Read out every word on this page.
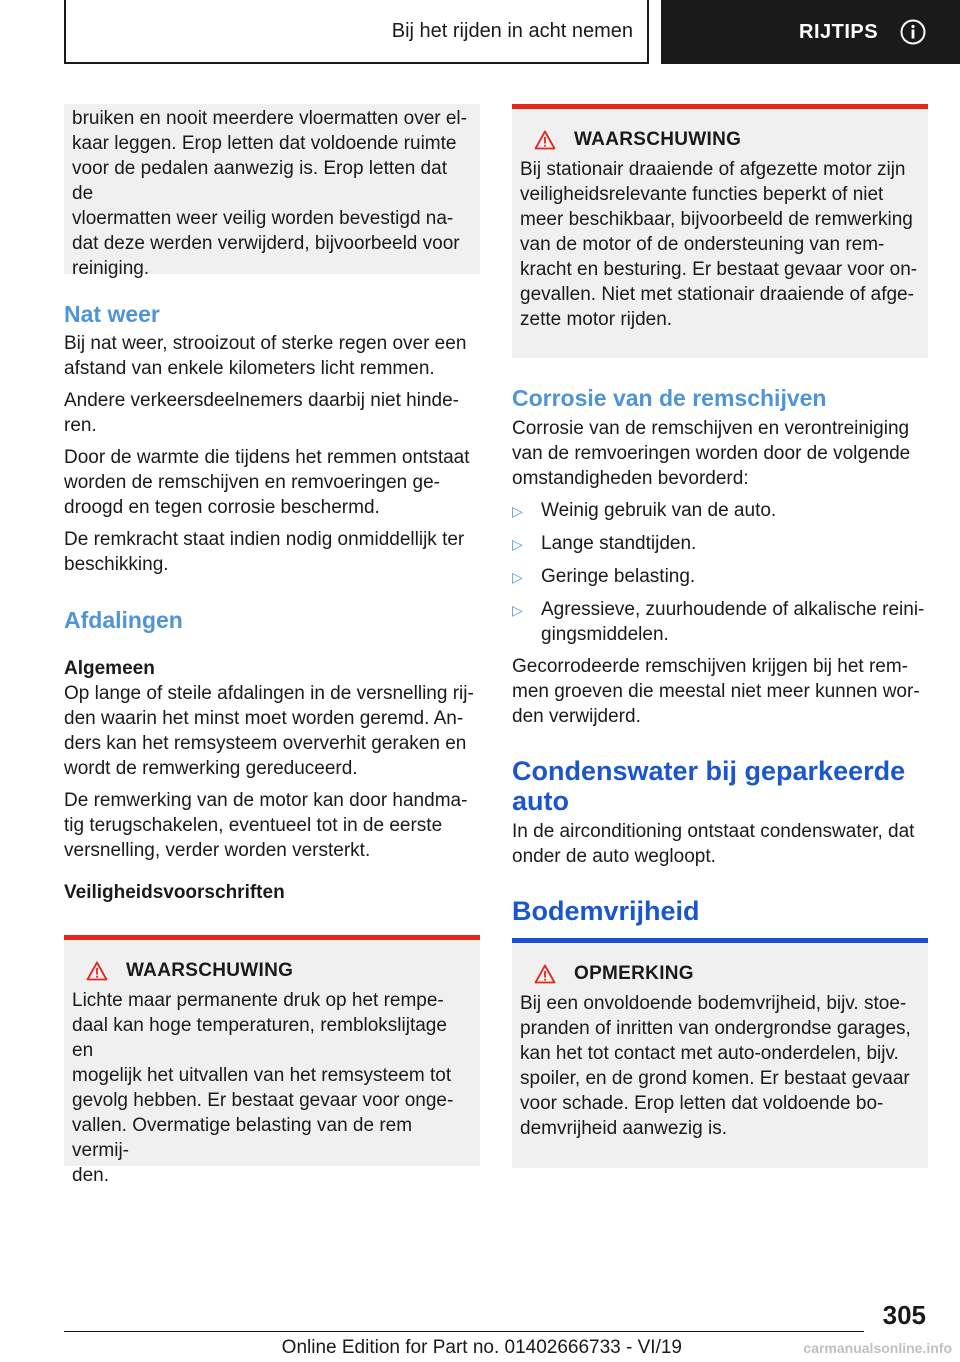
Bij het rijden in acht nemen	RIJTIPS

bruiken en nooit meerdere vloermatten over el-

kaar leggen. Erop letten dat voldoende ruimte

voor de pedalen aanwezig is. Erop letten dat de

vloermatten weer veilig worden bevestigd na-

dat deze werden verwijderd, bijvoorbeeld voor

reiniging.

Nat weer

Bij nat weer, strooizout of sterke regen over een

afstand van enkele kilometers licht remmen.

Andere verkeersdeelnemers daarbij niet hinde-

ren.

Door de warmte die tijdens het remmen ontstaat

worden de remschijven en remvoeringen ge-

droogd en tegen corrosie beschermd.

De remkracht staat indien nodig onmiddellijk ter

beschikking.

Afdalingen
Algemeen

Op lange of steile afdalingen in de versnelling rij-

den waarin het minst moet worden geremd. An-

ders kan het remsysteem oververhit geraken en

wordt de remwerking gereduceerd.

De remwerking van de motor kan door handma-

tig terugschakelen, eventueel tot in de eerste

versnelling, verder worden versterkt.

Veiligheidsvoorschriften
WAARSCHUWING

Lichte maar permanente druk op het rempe-

daal kan hoge temperaturen, remblokslijtage en

mogelijk het uitvallen van het remsysteem tot

gevolg hebben. Er bestaat gevaar voor onge-

vallen. Overmatige belasting van de rem vermij-

den.

WAARSCHUWING

Bij stationair draaiende of afgezette motor zijn

veiligheidsrelevante functies beperkt of niet

meer beschikbaar, bijvoorbeeld de remwerking

van de motor of de ondersteuning van rem-

kracht en besturing. Er bestaat gevaar voor on-

gevallen. Niet met stationair draaiende of afge-

zette motor rijden.

Corrosie van de remschijven

Corrosie van de remschijven en verontreiniging

van de remvoeringen worden door de volgende

omstandigheden bevorderd:

▷ Weinig gebruik van de auto.

▷ Lange standtijden.

▷ Geringe belasting.

▷ Agressieve, zuurhoudende of alkalische reini-

gingsmiddelen.

Gecorrodeerde remschijven krijgen bij het rem-

men groeven die meestal niet meer kunnen wor-

den verwijderd.

Condenswater bij geparkeerde
auto

In de airconditioning ontstaat condenswater, dat

onder de auto wegloopt.

Bodemvrijheid
OPMERKING

Bij een onvoldoende bodemvrijheid, bijv. stoe-

pranden of inritten van ondergrondse garages,

kan het tot contact met auto-onderdelen, bijv.

spoiler, en de grond komen. Er bestaat gevaar

voor schade. Erop letten dat voldoende bo-

demvrijheid aanwezig is.

305
Online Edition for Part no. 01402666733 - VI/19	carmanualsonline.info
